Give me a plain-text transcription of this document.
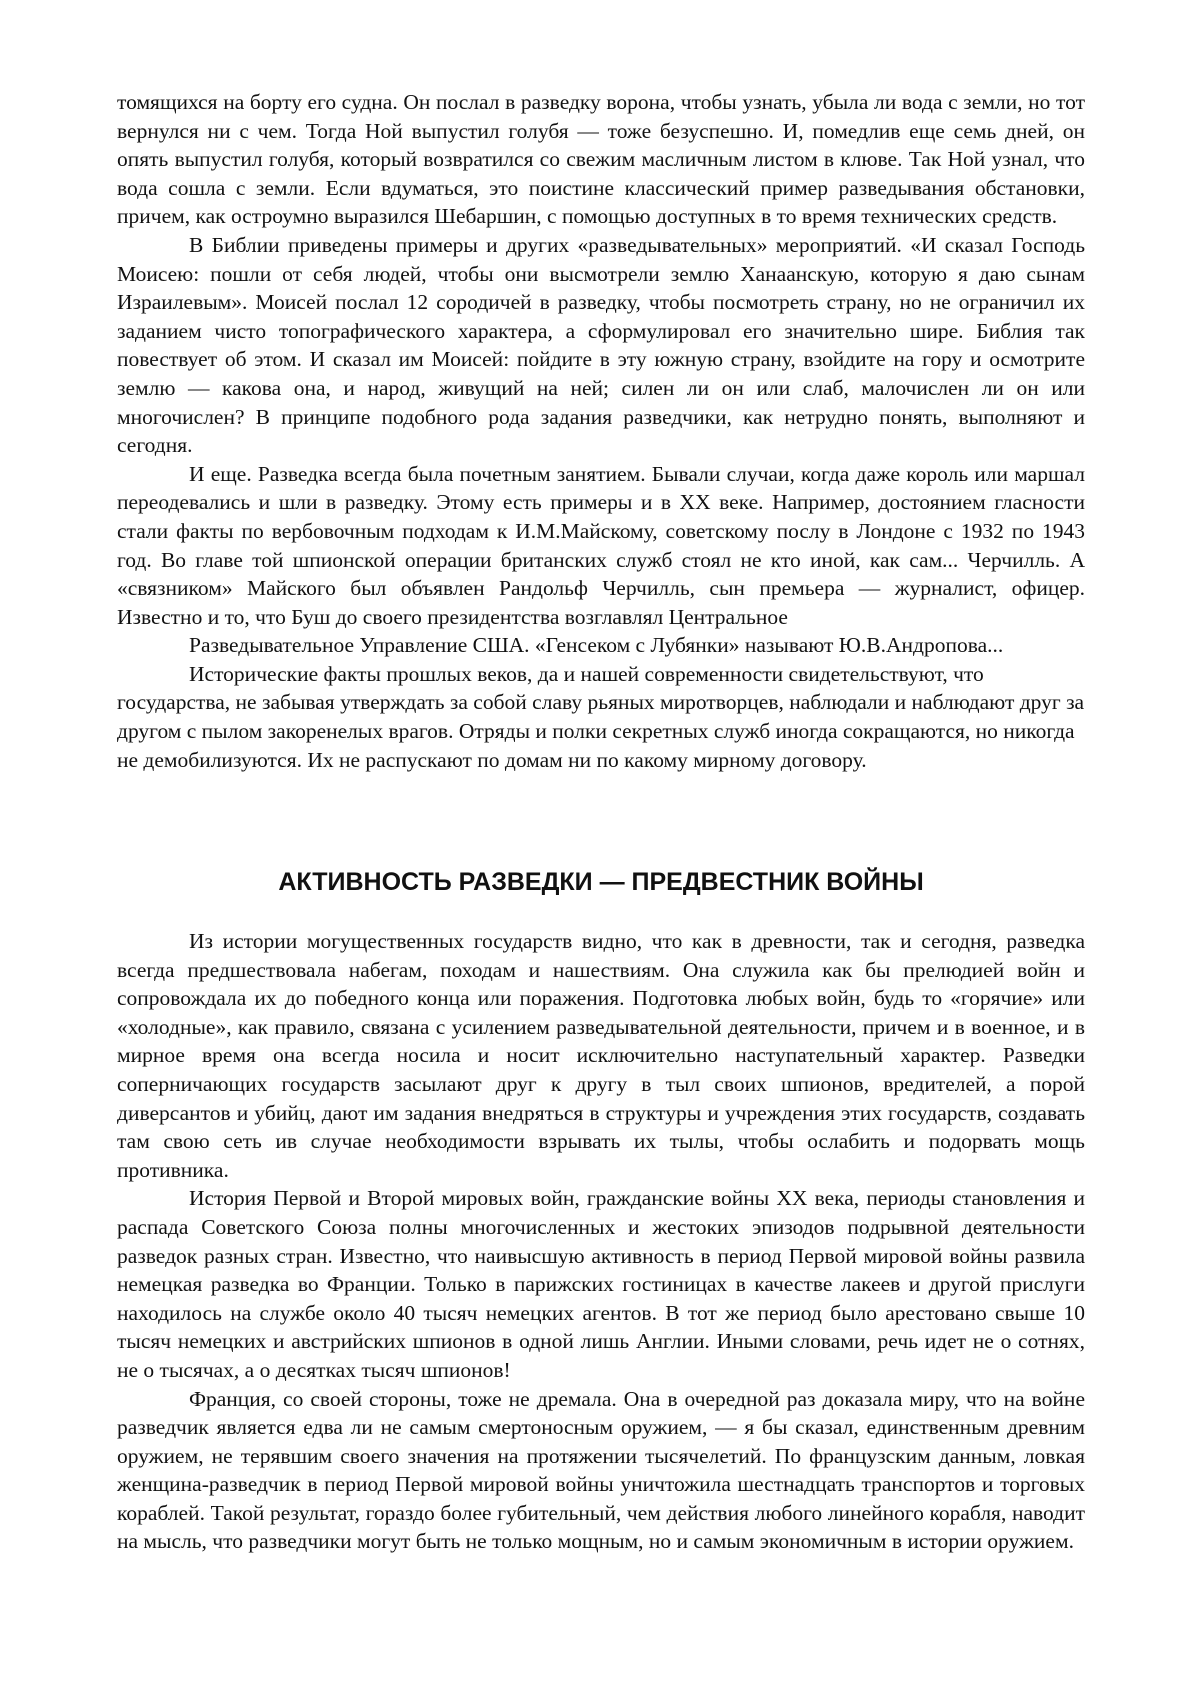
томящихся на борту его судна. Он послал в разведку ворона, чтобы узнать, убыла ли вода с земли, но тот вернулся ни с чем. Тогда Ной выпустил голубя — тоже безуспешно. И, помедлив еще семь дней, он опять выпустил голубя, который возвратился со свежим масличным листом в клюве. Так Ной узнал, что вода сошла с земли. Если вдуматься, это поистине классический пример разведывания обстановки, причем, как остроумно выразился Шебаршин, с помощью доступных в то время технических средств.

В Библии приведены примеры и других «разведывательных» мероприятий. «И сказал Господь Моисею: пошли от себя людей, чтобы они высмотрели землю Ханаанскую, которую я даю сынам Израилевым». Моисей послал 12 сородичей в разведку, чтобы посмотреть страну, но не ограничил их заданием чисто топографического характера, а сформулировал его значительно шире. Библия так повествует об этом. И сказал им Моисей: пойдите в эту южную страну, взойдите на гору и осмотрите землю — какова она, и народ, живущий на ней; силен ли он или слаб, малочислен ли он или многочислен? В принципе подобного рода задания разведчики, как нетрудно понять, выполняют и сегодня.

И еще. Разведка всегда была почетным занятием. Бывали случаи, когда даже король или маршал переодевались и шли в разведку. Этому есть примеры и в XX веке. Например, достоянием гласности стали факты по вербовочным подходам к И.М.Майскому, советскому послу в Лондоне с 1932 по 1943 год. Во главе той шпионской операции британских служб стоял не кто иной, как сам... Черчилль. А «связником» Майского был объявлен Рандольф Черчилль, сын премьера — журналист, офицер. Известно и то, что Буш до своего президентства возглавлял Центральное

Разведывательное Управление США. «Генсеком с Лубянки» называют Ю.В.Андропова...

Исторические факты прошлых веков, да и нашей современности свидетельствуют, что государства, не забывая утверждать за собой славу рьяных миротворцев, наблюдали и наблюдают друг за другом с пылом закоренелых врагов. Отряды и полки секретных служб иногда сокращаются, но никогда не демобилизуются. Их не распускают по домам ни по какому мирному договору.

АКТИВНОСТЬ РАЗВЕДКИ — ПРЕДВЕСТНИК ВОЙНЫ

Из истории могущественных государств видно, что как в древности, так и сегодня, разведка всегда предшествовала набегам, походам и нашествиям. Она служила как бы прелюдией войн и сопровождала их до победного конца или поражения. Подготовка любых войн, будь то «горячие» или «холодные», как правило, связана с усилением разведывательной деятельности, причем и в военное, и в мирное время она всегда носила и носит исключительно наступательный характер. Разведки соперничающих государств засылают друг к другу в тыл своих шпионов, вредителей, а порой диверсантов и убийц, дают им задания внедряться в структуры и учреждения этих государств, создавать там свою сеть ив случае необходимости взрывать их тылы, чтобы ослабить и подорвать мощь противника.

История Первой и Второй мировых войн, гражданские войны XX века, периоды становления и распада Советского Союза полны многочисленных и жестоких эпизодов подрывной деятельности разведок разных стран. Известно, что наивысшую активность в период Первой мировой войны развила немецкая разведка во Франции. Только в парижских гостиницах в качестве лакеев и другой прислуги находилось на службе около 40 тысяч немецких агентов. В тот же период было арестовано свыше 10 тысяч немецких и австрийских шпионов в одной лишь Англии. Иными словами, речь идет не о сотнях, не о тысячах, а о десятках тысяч шпионов!

Франция, со своей стороны, тоже не дремала. Она в очередной раз доказала миру, что на войне разведчик является едва ли не самым смертоносным оружием, — я бы сказал, единственным древним оружием, не терявшим своего значения на протяжении тысячелетий. По французским данным, ловкая женщина-разведчик в период Первой мировой войны уничтожила шестнадцать транспортов и торговых кораблей. Такой результат, гораздо более губительный, чем действия любого линейного корабля, наводит на мысль, что разведчики могут быть не только мощным, но и самым экономичным в истории оружием.
